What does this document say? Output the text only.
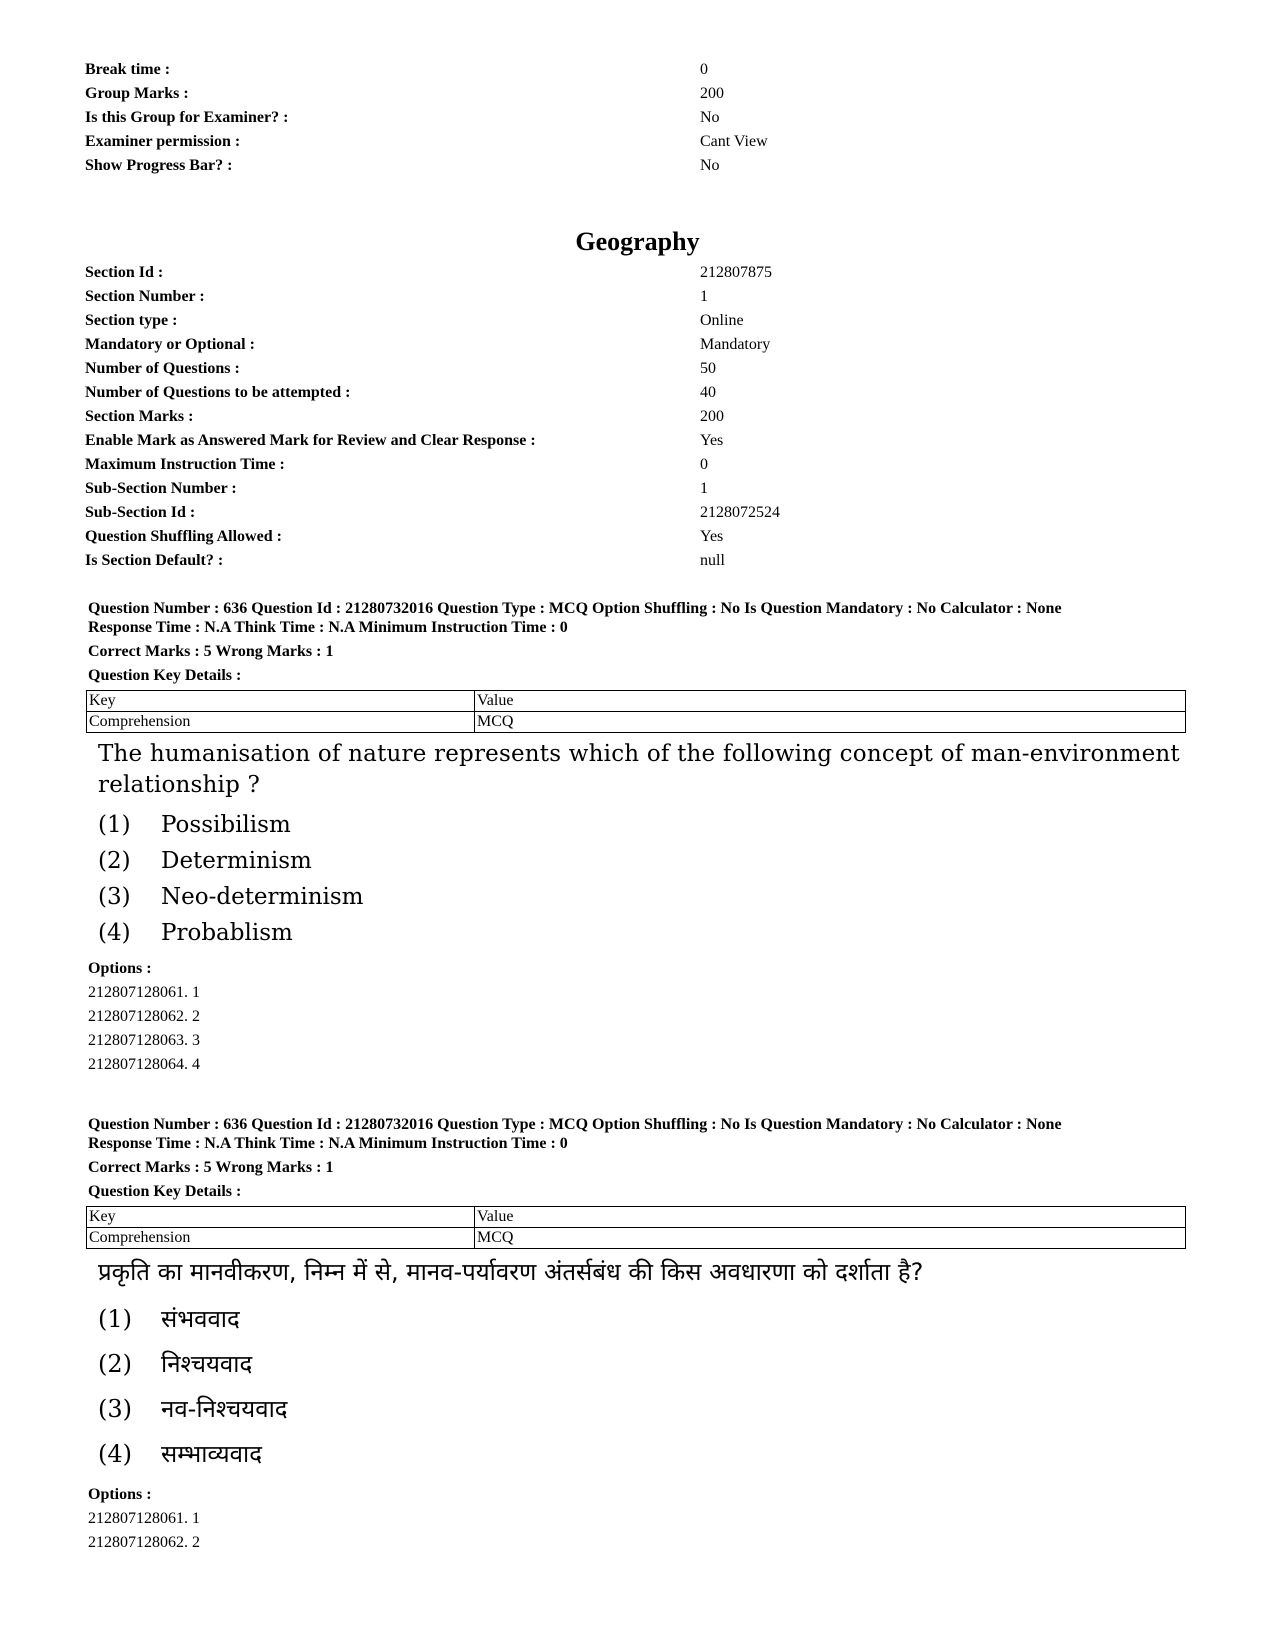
Break time :	0
Group Marks :	200
Is this Group for Examiner? :	No
Examiner permission :	Cant View
Show Progress Bar? :	No
Geography
Section Id :	212807875
Section Number :	1
Section type :	Online
Mandatory or Optional :	Mandatory
Number of Questions :	50
Number of Questions to be attempted :	40
Section Marks :	200
Enable Mark as Answered Mark for Review and Clear Response :	Yes
Maximum Instruction Time :	0
Sub-Section Number :	1
Sub-Section Id :	2128072524
Question Shuffling Allowed :	Yes
Is Section Default? :	null

Question Number : 636 Question Id : 21280732016 Question Type : MCQ Option Shuffling : No Is Question Mandatory : No Calculator : None

Response Time : N.A Think Time : N.A Minimum Instruction Time : 0

Correct Marks : 5 Wrong Marks : 1

Question Key Details :

Key	Value
Comprehension	MCQ

The humanisation of nature represents which of the following concept of man-environment relationship ?

(1) Possibilism
(2) Determinism
(3) Neo-determinism
(4) Probablism

Options :

212807128061. 1
212807128062. 2
212807128063. 3
212807128064. 4

Question Number : 636 Question Id : 21280732016 Question Type : MCQ Option Shuffling : No Is Question Mandatory : No Calculator : None

Response Time : N.A Think Time : N.A Minimum Instruction Time : 0

Correct Marks : 5 Wrong Marks : 1

Question Key Details :

Key	Value
Comprehension	MCQ

प्रकृति का मानवीकरण, निम्न में से, मानव-पर्यावरण अंतर्सबंध की किस अवधारणा को दर्शाता है?

(1) संभववाद
(2) निश्चयवाद
(3) नव-निश्चयवाद
(4) सम्भाव्यवाद

Options :

212807128061. 1
212807128062. 2
